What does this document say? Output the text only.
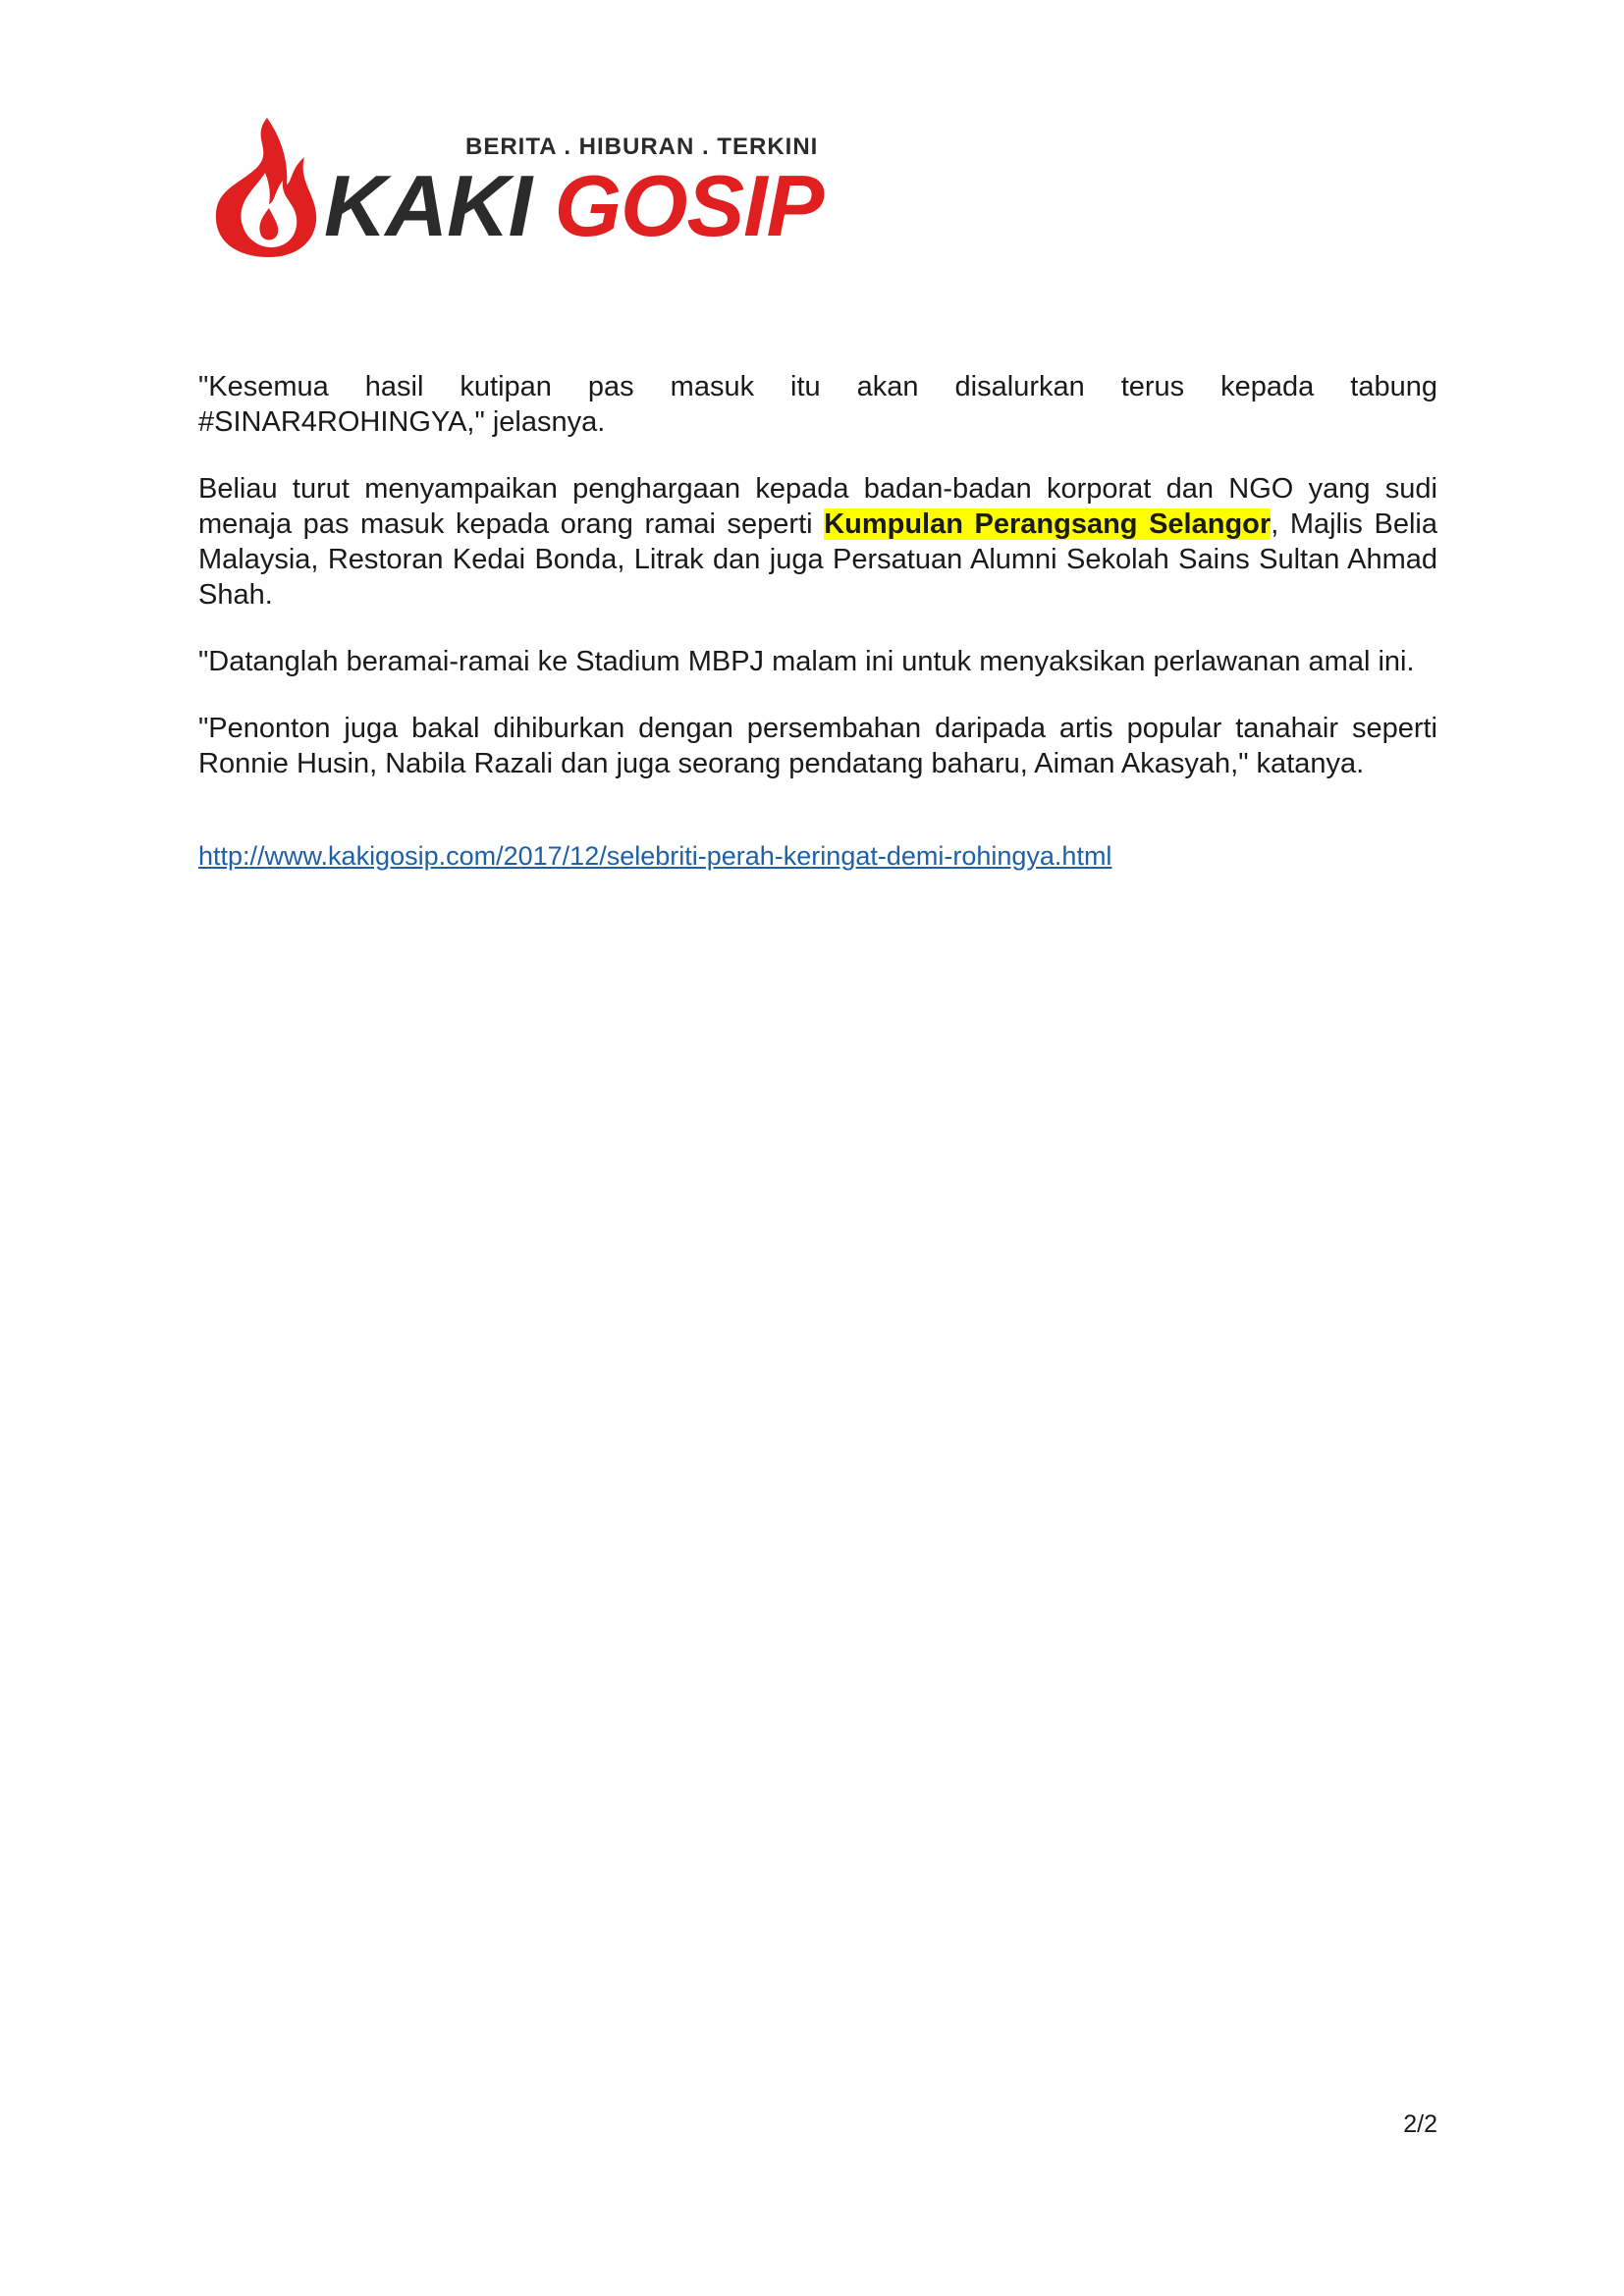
BERITA . HIBURAN . TERKINI
KAKI GOSIP

"Kesemua hasil kutipan pas masuk itu akan disalurkan terus kepada tabung #SINAR4ROHINGYA," jelasnya.

Beliau turut menyampaikan penghargaan kepada badan-badan korporat dan NGO yang sudi menaja pas masuk kepada orang ramai seperti Kumpulan Perangsang Selangor, Majlis Belia Malaysia, Restoran Kedai Bonda, Litrak dan juga Persatuan Alumni Sekolah Sains Sultan Ahmad Shah.

"Datanglah beramai-ramai ke Stadium MBPJ malam ini untuk menyaksikan perlawanan amal ini.

"Penonton juga bakal dihiburkan dengan persembahan daripada artis popular tanahair seperti Ronnie Husin, Nabila Razali dan juga seorang pendatang baharu, Aiman Akasyah," katanya.

http://www.kakigosip.com/2017/12/selebriti-perah-keringat-demi-rohingya.html
2/2
